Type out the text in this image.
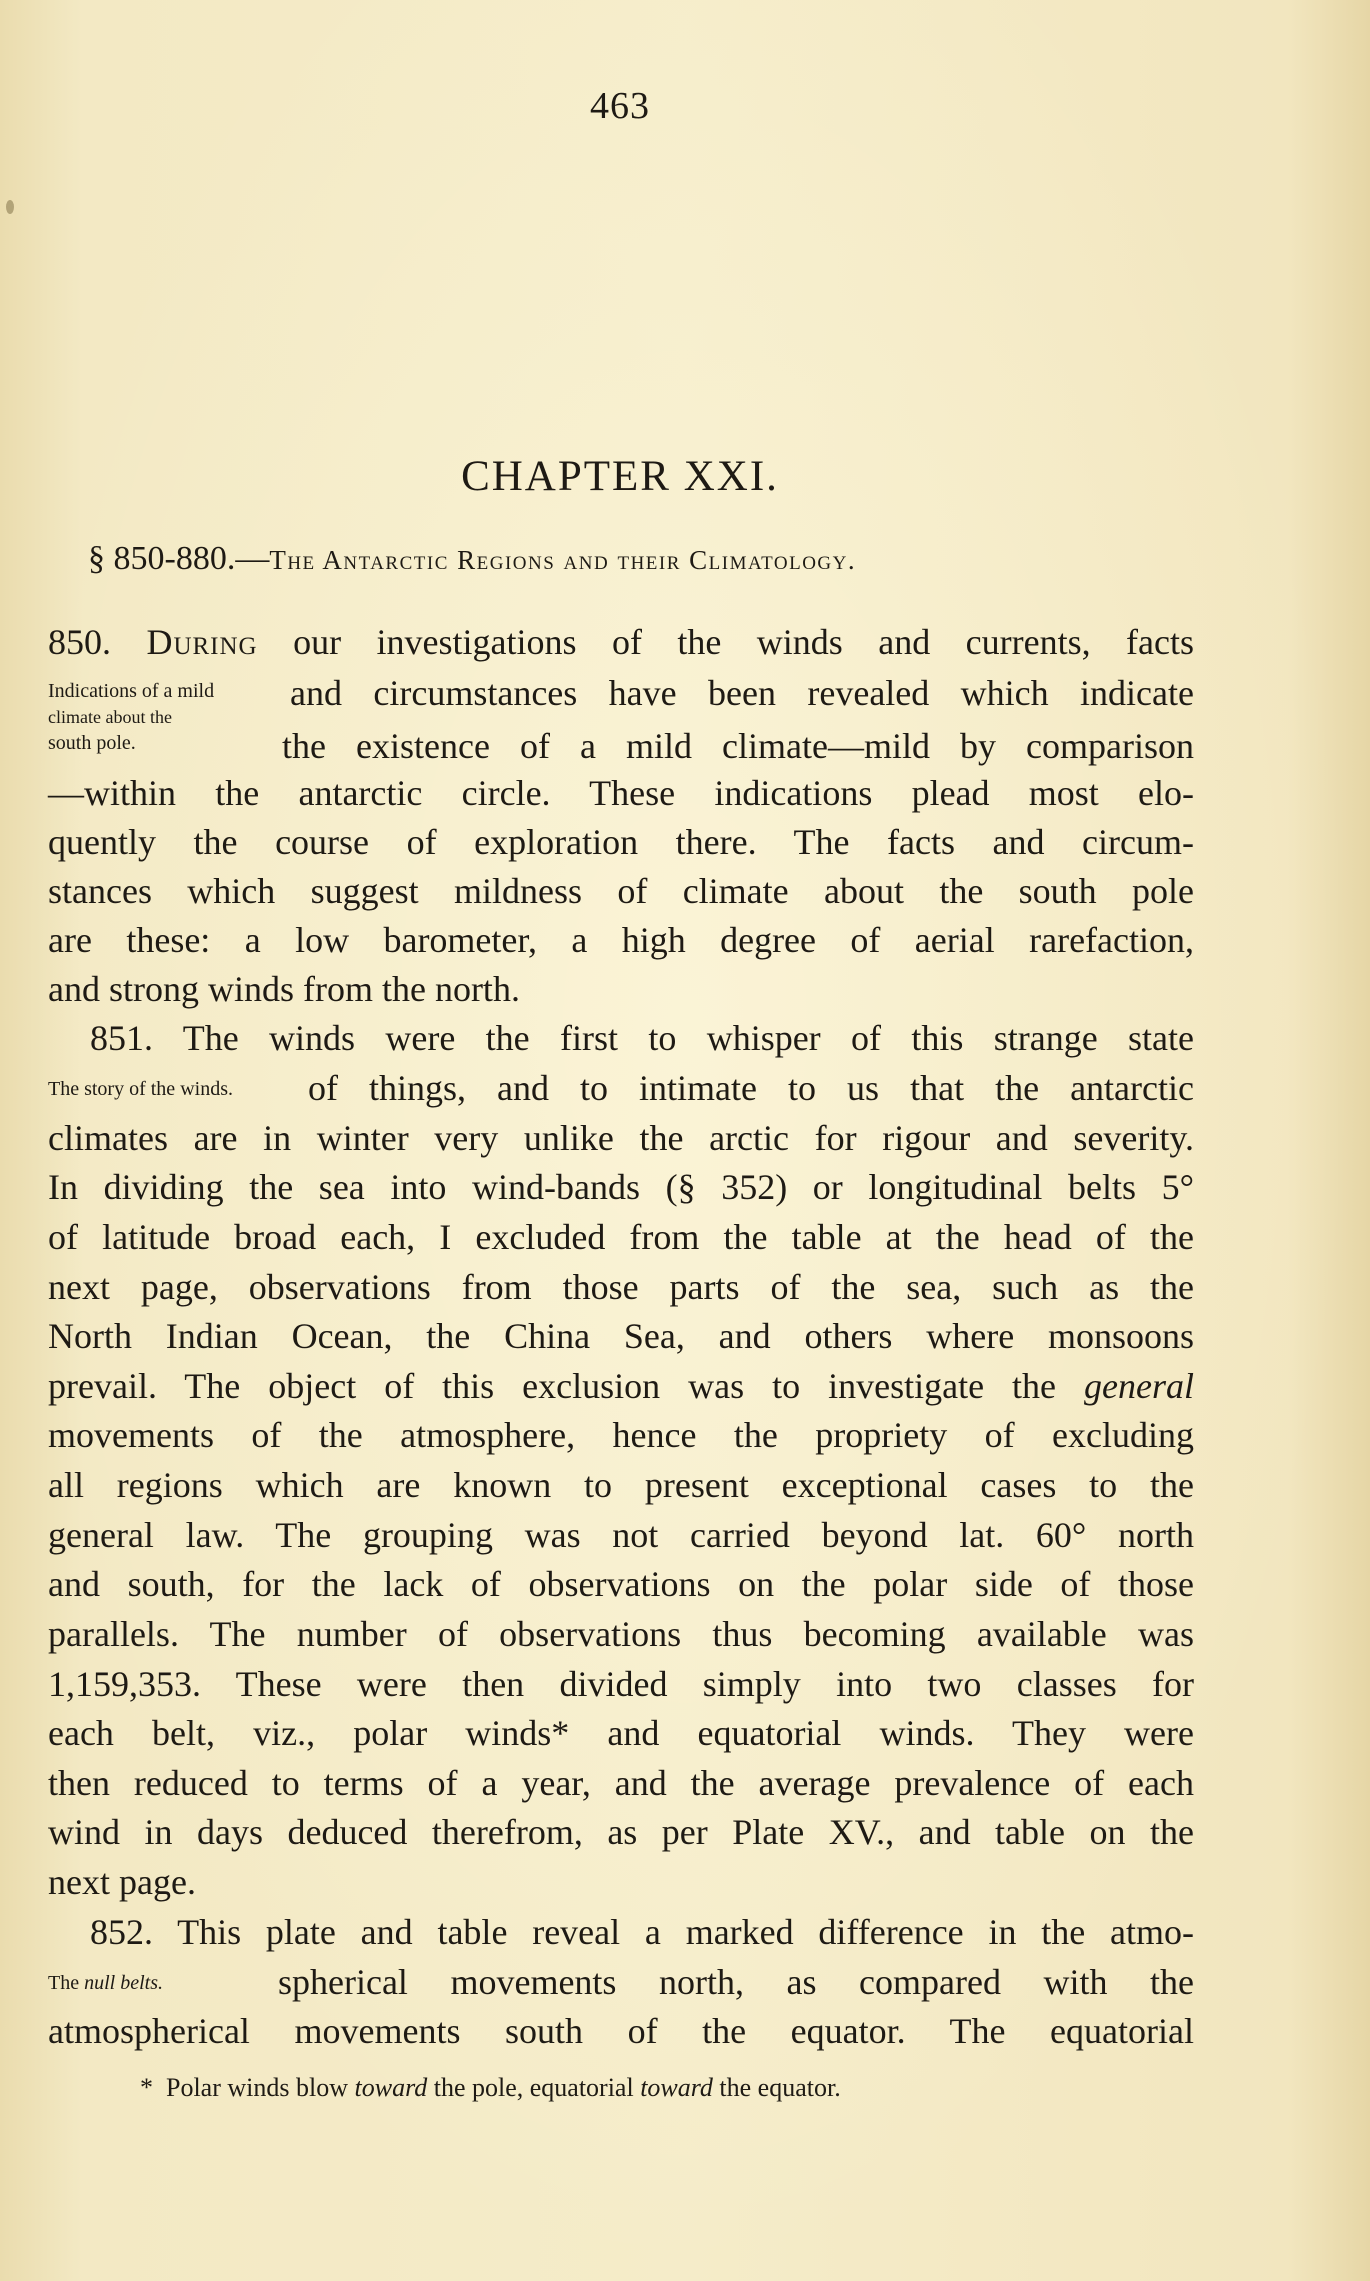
463
CHAPTER XXI.
§ 850-880.—The Antarctic Regions and their Climatology.
850. During our investigations of the winds and currents, facts
Indications of a mild and circumstances have been revealed which indicate
climate about the
south pole.	the existence of a mild climate—mild by comparison
—within the antarctic circle. These indications plead most elo-
quently the course of exploration there. The facts and circum-
stances which suggest mildness of climate about the south pole
are these: a low barometer, a high degree of aerial rarefaction,
and strong winds from the north.
851. The winds were the first to whisper of this strange state
The story of the winds. of things, and to intimate to us that the antarctic
climates are in winter very unlike the arctic for rigour and severity.
In dividing the sea into wind-bands (§ 352) or longitudinal belts 5°
of latitude broad each, I excluded from the table at the head of the
next page, observations from those parts of the sea, such as the
North Indian Ocean, the China Sea, and others where monsoons
prevail. The object of this exclusion was to investigate the general
movements of the atmosphere, hence the propriety of excluding
all regions which are known to present exceptional cases to the
general law. The grouping was not carried beyond lat. 60° north
and south, for the lack of observations on the polar side of those
parallels. The number of observations thus becoming available was
1,159,353. These were then divided simply into two classes for
each belt, viz., polar winds* and equatorial winds. They were
then reduced to terms of a year, and the average prevalence of each
wind in days deduced therefrom, as per Plate XV., and table on the
next page.
852. This plate and table reveal a marked difference in the atmo-
The null belts.	spherical movements north, as compared with the
atmospherical movements south of the equator. The equatorial
* Polar winds blow toward the pole, equatorial toward the equator.
